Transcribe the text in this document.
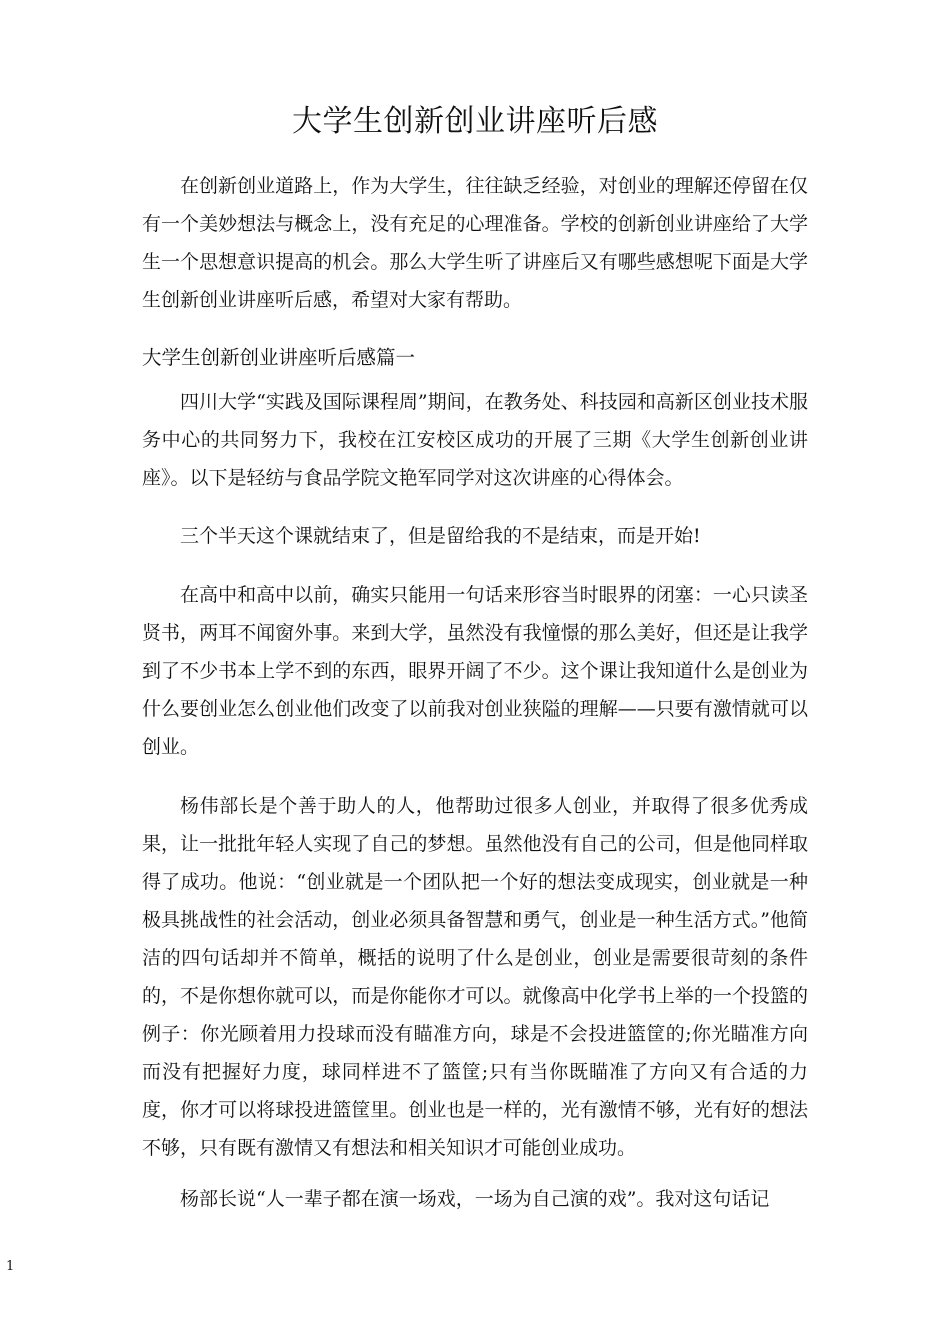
大学生创新创业讲座听后感

在创新创业道路上，作为大学生，往往缺乏经验，对创业的理解还停留在仅有一个美妙想法与概念上，没有充足的心理准备。学校的创新创业讲座给了大学生一个思想意识提高的机会。那么大学生听了讲座后又有哪些感想呢下面是大学生创新创业讲座听后感，希望对大家有帮助。

大学生创新创业讲座听后感篇一

四川大学“实践及国际课程周”期间，在教务处、科技园和高新区创业技术服务中心的共同努力下，我校在江安校区成功的开展了三期《大学生创新创业讲座》。以下是轻纺与食品学院文艳军同学对这次讲座的心得体会。

三个半天这个课就结束了，但是留给我的不是结束，而是开始!

在高中和高中以前，确实只能用一句话来形容当时眼界的闭塞：一心只读圣贤书，两耳不闻窗外事。来到大学，虽然没有我憧憬的那么美好，但还是让我学到了不少书本上学不到的东西，眼界开阔了不少。这个课让我知道什么是创业为什么要创业怎么创业他们改变了以前我对创业狭隘的理解——只要有激情就可以创业。

杨伟部长是个善于助人的人，他帮助过很多人创业，并取得了很多优秀成果，让一批批年轻人实现了自己的梦想。虽然他没有自己的公司，但是他同样取得了成功。他说：“创业就是一个团队把一个好的想法变成现实，创业就是一种极具挑战性的社会活动，创业必须具备智慧和勇气，创业是一种生活方式。”他简洁的四句话却并不简单，概括的说明了什么是创业，创业是需要很苛刻的条件的，不是你想你就可以，而是你能你才可以。就像高中化学书上举的一个投篮的例子：你光顾着用力投球而没有瞄准方向，球是不会投进篮筐的;你光瞄准方向而没有把握好力度，球同样进不了篮筐;只有当你既瞄准了方向又有合适的力度，你才可以将球投进篮筐里。创业也是一样的，光有激情不够，光有好的想法不够，只有既有激情又有想法和相关知识才可能创业成功。

杨部长说“人一辈子都在演一场戏，一场为自己演的戏”。我对这句话记

1
